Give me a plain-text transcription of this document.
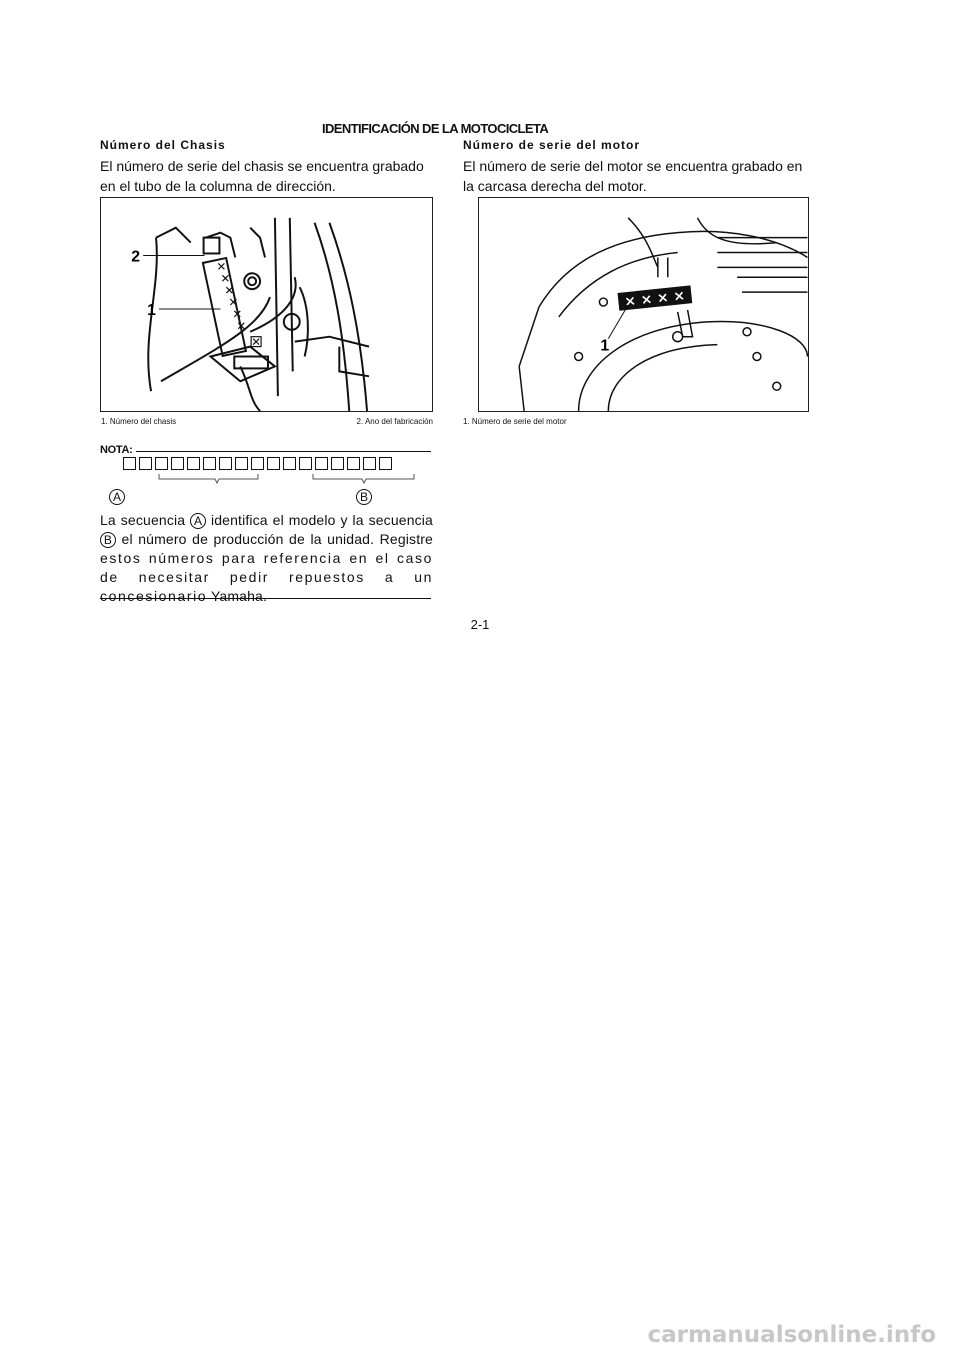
IDENTIFICACIÓN DE LA MOTOCICLETA

Número del Chasis

El número de serie del chasis se encuentra grabado en el tubo de la columna de dirección.

2
1
1. Número del chasis	2. Ano del fabricación
NOTA:
A	B

La secuencia A identifica el modelo y la secuencia B el número de producción de la unidad. Registre estos números para referencia en el caso de necesitar pedir repuestos a un concesionario Yamaha.

Número de serie del motor

El número de serie del motor se encuentra grabado en la carcasa derecha del motor.

× × × × × ×
1
1. Número de serie del motor
2-1
carmanualsonline.info
